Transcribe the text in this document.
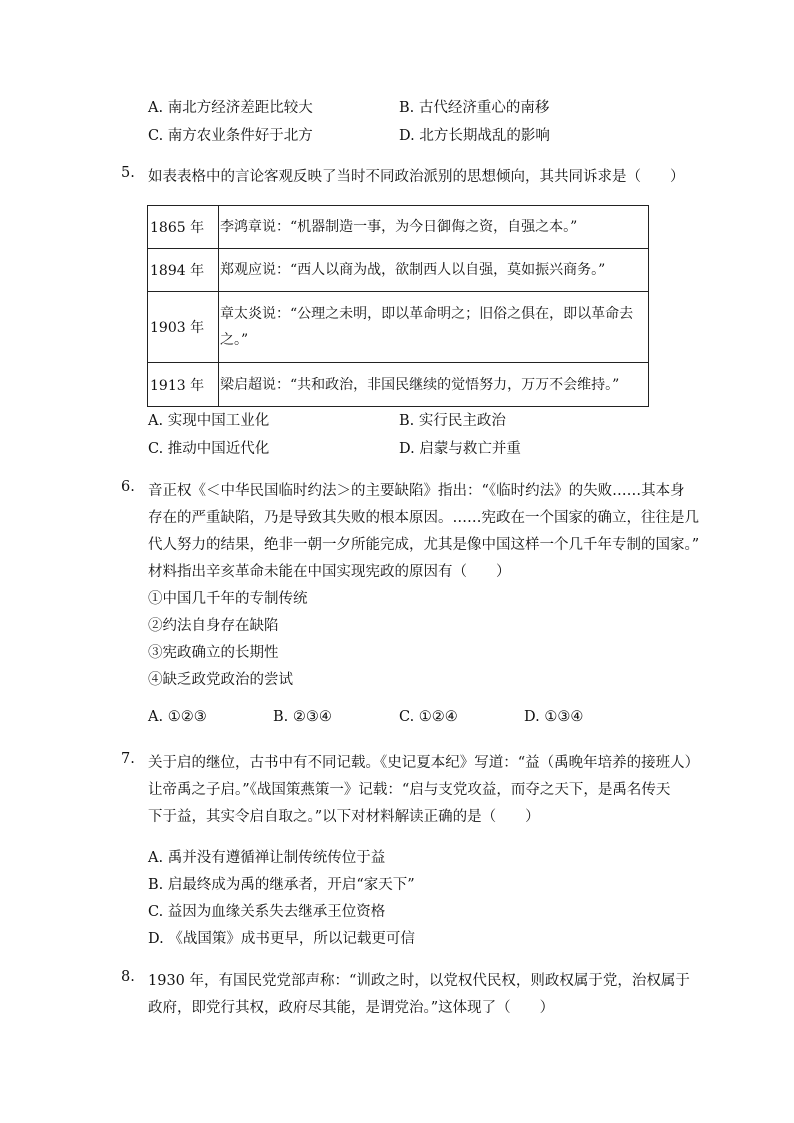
A. 南北方经济差距比较大	B. 古代经济重心的南移
C. 南方农业条件好于北方	D. 北方长期战乱的影响
5. 如表表格中的言论客观反映了当时不同政治派别的思想倾向，其共同诉求是（　　）
1865 年	李鸿章说：“机器制造一事，为今日御侮之资，自强之本。”
1894 年	郑观应说：“西人以商为战，欲制西人以自强，莫如振兴商务。”
1903 年	章太炎说：“公理之未明，即以革命明之；旧俗之俱在，即以革命去
之。”

1913 年	梁启超说：“共和政治，非国民继续的觉悟努力，万万不会维持。”
A. 实现中国工业化	B. 实行民主政治
C. 推动中国近代化	D. 启蒙与救亡并重
6. 音正权《＜中华民国临时约法＞的主要缺陷》指出：“《临时约法》的失败……其本身
存在的严重缺陷，乃是导致其失败的根本原因。……宪政在一个国家的确立，往往是几
代人努力的结果，绝非一朝一夕所能完成，尤其是像中国这样一个几千年专制的国家。”
材料指出辛亥革命未能在中国实现宪政的原因有（　　）
①中国几千年的专制传统
②约法自身存在缺陷
③宪政确立的长期性
④缺乏政党政治的尝试
A. ①②③	B. ②③④	C. ①②④	D. ①③④
7. 关于启的继位，古书中有不同记载。《史记夏本纪》写道：“益（禹晚年培养的接班人）
让帝禹之子启。”《战国策燕策一》记载：“启与支党攻益，而夺之天下，是禹名传天
下于益，其实令启自取之。”以下对材料解读正确的是（　　）
A. 禹并没有遵循禅让制传统传位于益
B. 启最终成为禹的继承者，开启“家天下”
C. 益因为血缘关系失去继承王位资格
D. 《战国策》成书更早，所以记载更可信
8. 1930 年，有国民党党部声称：“训政之时，以党权代民权，则政权属于党，治权属于
政府，即党行其权，政府尽其能，是谓党治。”这体现了（　　）
